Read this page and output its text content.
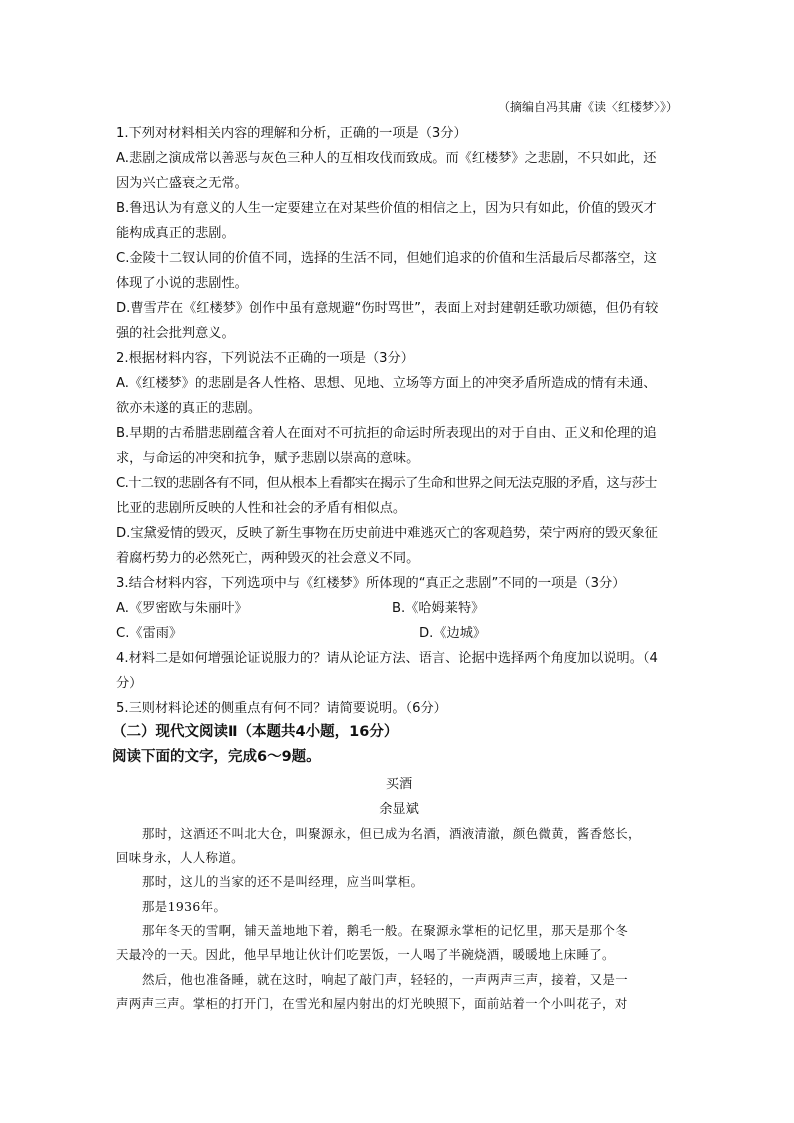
（摘编自冯其庸《读〈红楼梦〉》）
1.下列对材料相关内容的理解和分析，正确的一项是（3分）
A.悲剧之演成常以善恶与灰色三种人的互相攻伐而致成。而《红楼梦》之悲剧，不只如此，还
因为兴亡盛衰之无常。
B.鲁迅认为有意义的人生一定要建立在对某些价值的相信之上，因为只有如此，价值的毁灭才
能构成真正的悲剧。
C.金陵十二钗认同的价值不同，选择的生活不同，但她们追求的价值和生活最后尽都落空，这
体现了小说的悲剧性。
D.曹雪芹在《红楼梦》创作中虽有意规避“伤时骂世”，表面上对封建朝廷歌功颂德，但仍有较
强的社会批判意义。
2.根据材料内容，下列说法不正确的一项是（3分）
A.《红楼梦》的悲剧是各人性格、思想、见地、立场等方面上的冲突矛盾所造成的情有未通、
欲亦未遂的真正的悲剧。
B.早期的古希腊悲剧蕴含着人在面对不可抗拒的命运时所表现出的对于自由、正义和伦理的追
求，与命运的冲突和抗争，赋予悲剧以崇高的意味。
C.十二钗的悲剧各有不同，但从根本上看都实在揭示了生命和世界之间无法克服的矛盾，这与莎士
比亚的悲剧所反映的人性和社会的矛盾有相似点。
D.宝黛爱情的毁灭，反映了新生事物在历史前进中难逃灭亡的客观趋势，荣宁两府的毁灭象征
着腐朽势力的必然死亡，两种毁灭的社会意义不同。
3.结合材料内容，下列选项中与《红楼梦》所体现的“真正之悲剧”不同的一项是（3分）
A.《罗密欧与朱丽叶》	B.《哈姆莱特》
C.《雷雨》	D.《边城》
4.材料二是如何增强论证说服力的？请从论证方法、语言、论据中选择两个角度加以说明。（4
分）
5.三则材料论述的侧重点有何不同？请简要说明。（6分）
（二）现代文阅读Ⅱ（本题共4小题，16分）
阅读下面的文字，完成6～9题。
买酒
余显斌
那时，这酒还不叫北大仓，叫聚源永，但已成为名酒，酒液清澈，颜色微黄，酱香悠长，
回味身永，人人称道。
那时，这儿的当家的还不是叫经理，应当叫掌柜。
那是1936年。
那年冬天的雪啊，铺天盖地地下着，鹅毛一般。在聚源永掌柜的记忆里，那天是那个冬
天最冷的一天。因此，他早早地让伙计们吃罢饭，一人喝了半碗烧酒，暖暖地上床睡了。
然后，他也准备睡，就在这时，响起了敲门声，轻轻的，一声两声三声，接着，又是一
声两声三声。掌柜的打开门，在雪光和屋内射出的灯光映照下，面前站着一个小叫花子，对
